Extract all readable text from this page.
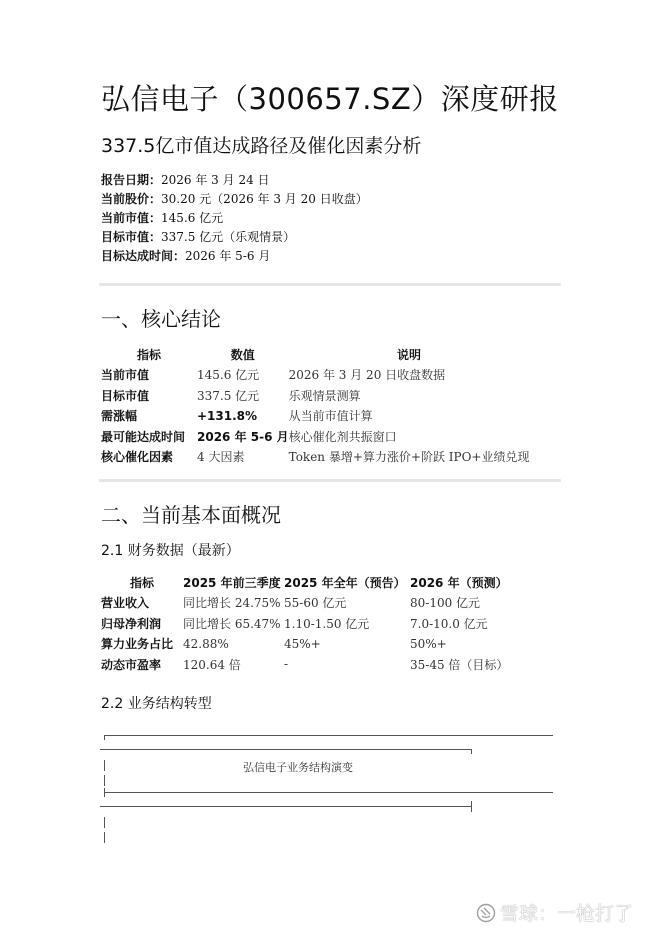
弘信电子（300657.SZ）深度研报
337.5亿市值达成路径及催化因素分析
报告日期：2026 年 3 月 24 日
当前股价：30.20 元（2026 年 3 月 20 日收盘）
当前市值：145.6 亿元
目标市值：337.5 亿元（乐观情景）
目标达成时间：2026 年 5-6 月
一、核心结论
指标	数值	说明
当前市值	145.6 亿元	2026 年 3 月 20 日收盘数据
目标市值	337.5 亿元	乐观情景测算
需涨幅	+131.8%	从当前市值计算
最可能达成时间	2026 年 5-6 月	核心催化剂共振窗口
核心催化因素	4 大因素	Token 暴增+算力涨价+阶跃 IPO+业绩兑现
二、当前基本面概况
2.1 财务数据（最新）
指标	2025 年前三季度	2025 年全年（预告）	2026 年（预测）
营业收入	同比增长 24.75%	55-60 亿元	80-100 亿元
归母净利润	同比增长 65.47%	1.10-1.50 亿元	7.0-10.0 亿元
算力业务占比	42.88%	45%+	50%+
动态市盈率	120.64 倍	-	35-45 倍（目标）
2.2 业务结构转型
弘信电子业务结构演变
雪球：一枪打了
